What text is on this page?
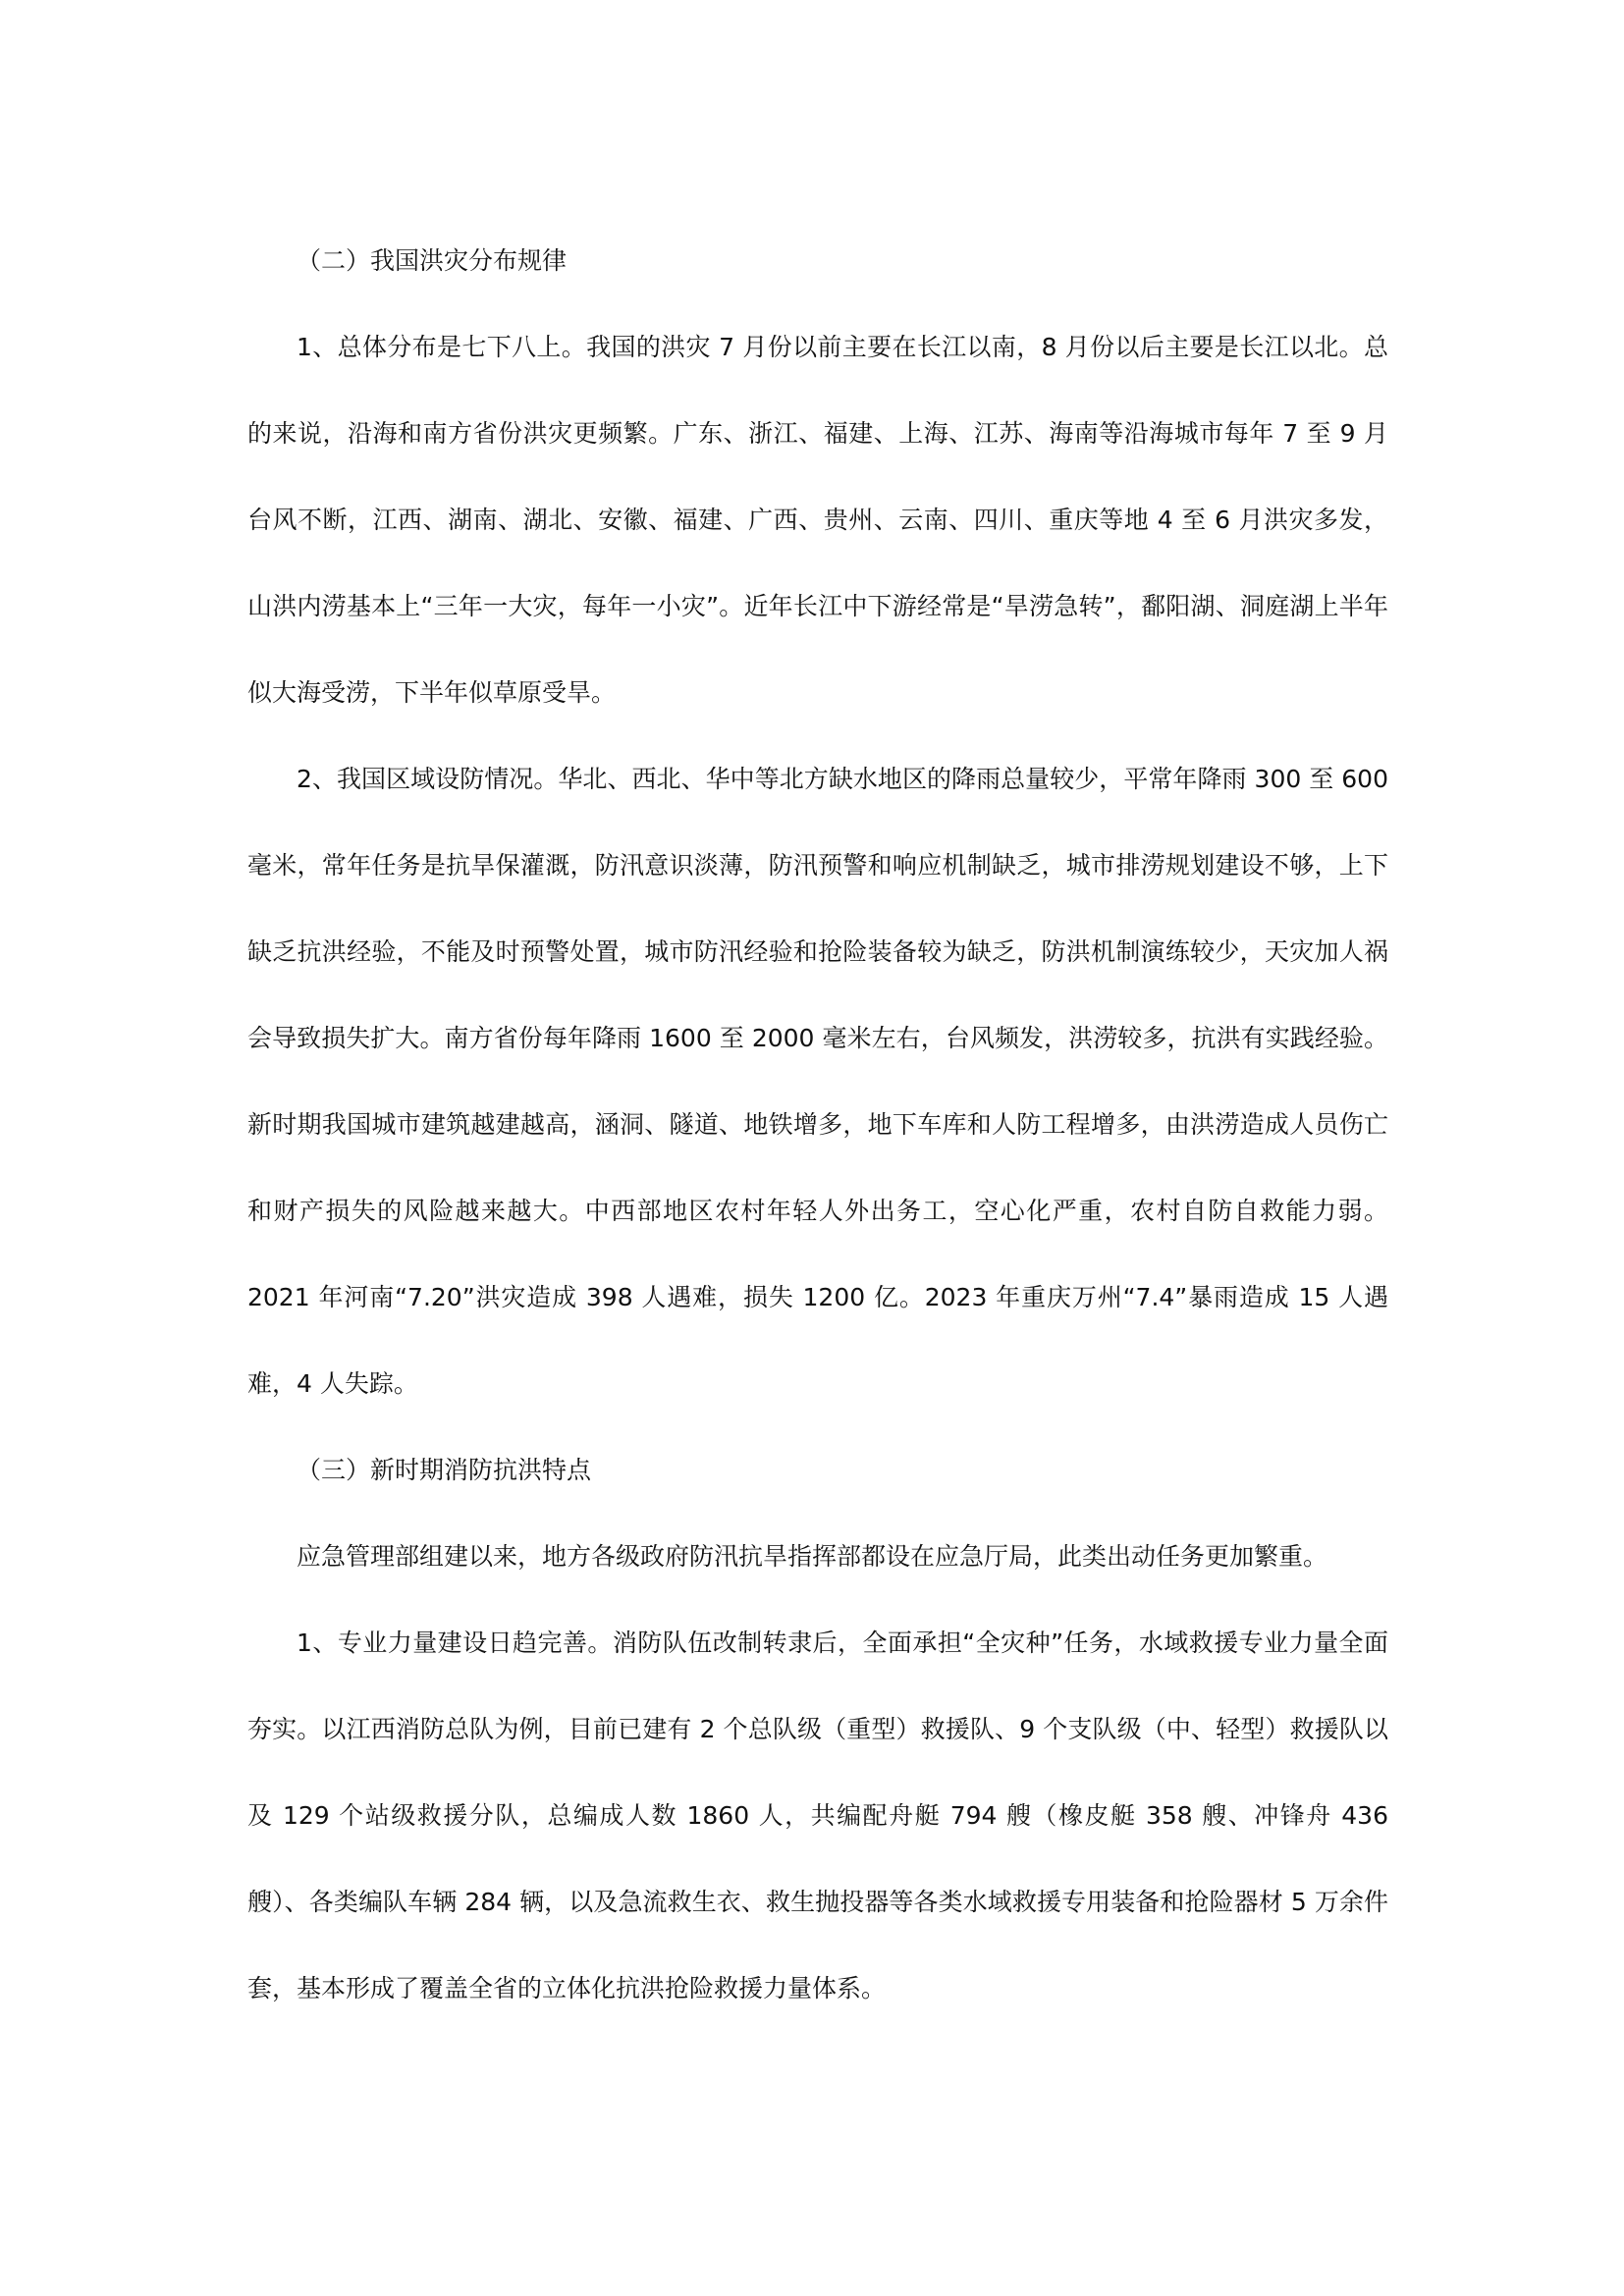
（二）我国洪灾分布规律

1、总体分布是七下八上。我国的洪灾 7 月份以前主要在长江以南，8 月份以后主要是长江以北。总的来说，沿海和南方省份洪灾更频繁。广东、浙江、福建、上海、江苏、海南等沿海城市每年 7 至 9 月台风不断，江西、湖南、湖北、安徽、福建、广西、贵州、云南、四川、重庆等地 4 至 6 月洪灾多发，山洪内涝基本上“三年一大灾，每年一小灾”。近年长江中下游经常是“旱涝急转”，鄱阳湖、洞庭湖上半年似大海受涝，下半年似草原受旱。

2、我国区域设防情况。华北、西北、华中等北方缺水地区的降雨总量较少，平常年降雨 300 至 600 毫米，常年任务是抗旱保灌溉，防汛意识淡薄，防汛预警和响应机制缺乏，城市排涝规划建设不够，上下缺乏抗洪经验，不能及时预警处置，城市防汛经验和抢险装备较为缺乏，防洪机制演练较少，天灾加人祸会导致损失扩大。南方省份每年降雨 1600 至 2000 毫米左右，台风频发，洪涝较多，抗洪有实践经验。新时期我国城市建筑越建越高，涵洞、隧道、地铁增多，地下车库和人防工程增多，由洪涝造成人员伤亡和财产损失的风险越来越大。中西部地区农村年轻人外出务工，空心化严重，农村自防自救能力弱。2021 年河南“7.20”洪灾造成 398 人遇难，损失 1200 亿。2023 年重庆万州“7.4”暴雨造成 15 人遇难，4 人失踪。

（三）新时期消防抗洪特点

应急管理部组建以来，地方各级政府防汛抗旱指挥部都设在应急厅局，此类出动任务更加繁重。

1、专业力量建设日趋完善。消防队伍改制转隶后，全面承担“全灾种”任务，水域救援专业力量全面夯实。以江西消防总队为例，目前已建有 2 个总队级（重型）救援队、9 个支队级（中、轻型）救援队以及 129 个站级救援分队，总编成人数 1860 人，共编配舟艇 794 艘（橡皮艇 358 艘、冲锋舟 436 艘）、各类编队车辆 284 辆，以及急流救生衣、救生抛投器等各类水域救援专用装备和抢险器材 5 万余件套，基本形成了覆盖全省的立体化抗洪抢险救援力量体系。
